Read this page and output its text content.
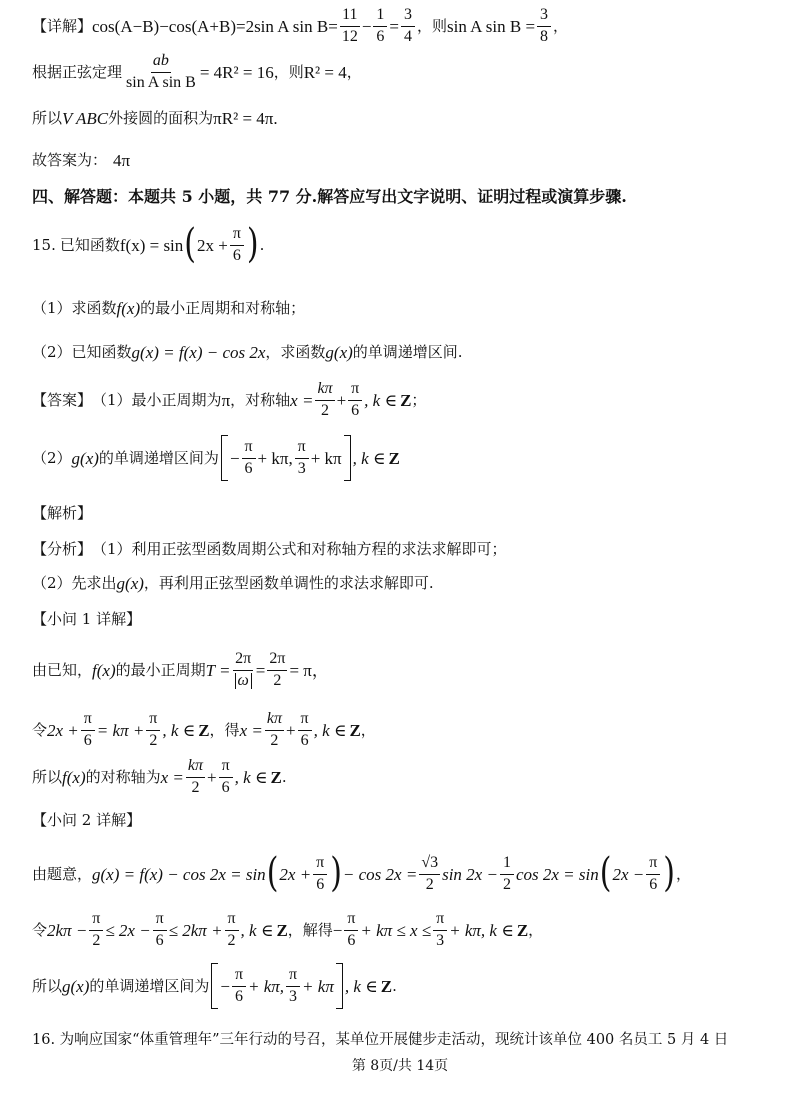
【详解】 cos(A−B)−cos(A+B)=2sin A $\sin B= \frac{11}{12} - \frac{1}{6} = \frac{3}{4}$ ，则 sin A $\sin B = \frac{3}{8}$ ，
根据正弦定理 $\frac{ab}{\text{sin A sin B}} = 4R^2 = 16$ ，则 R² = 4 ，
所以 V ABC 外接圆的面积为 πR² = 4π.
故答案为： 4π
四、解答题：本题共 5 小题，共 77 分.解答应写出文字说明、证明过程或演算步骤.
15. 已知函数 f(x) = sin ( $2x + \frac{\pi}{6}$ ) .
（1）求函数 f(x) 的最小正周期和对称轴；
（2）已知函数 g(x) = f(x) − cos 2x ，求函数 g(x) 的单调递增区间.
【答案】 （1）最小正周期为 π ，对称轴 $x = \frac{k\pi}{2} + \frac{\pi}{6}$ , k ∈ Z ；
（2） g(x) 的单调递增区间为 − $\frac{\pi}{6} + k\pi$, $\frac{\pi}{3} + k\pi$ , k ∈ Z
【解析】
【分析】 （1）利用正弦型函数周期公式和对称轴方程的求法求解即可；
（2）先求出 g(x) ，再利用正弦型函数单调性的求法求解即可.
【小问 1 详解】
由已知， f(x) 的最小正周期 $T = \frac{2\pi}{\omega} = \frac{2\pi}{2} = \pi$，
令 $2x + \frac{\pi}{6} = k\pi + \frac{\pi}{2}$ , k ∈ Z ，得 $x = \frac{k\pi}{2} + \frac{\pi}{6}$ , k ∈ Z ，
所以 f(x) 的对称轴为 $x = \frac{k\pi}{2} + \frac{\pi}{6}$ , k ∈ Z .
【小问 2 详解】
由题意， g(x) = f(x) − cos 2x = sin ( $2x + \frac{\pi}{6}$ ) − $\cos 2x = \frac{√3}{2}$ $\sin 2x - \frac{1}{2}$ cos 2x = sin ( $2x - \frac{\pi}{6}$ ) ，
令 $2k\pi - \frac{\pi}{2} \le 2x - \frac{\pi}{6} \le 2k\pi + \frac{\pi}{2}$ , k ∈ Z ，解得 − $\frac{\pi}{6} + k\pi \le x \le \frac{\pi}{3} + k\pi$, k ∈ Z ，
所以 g(x) 的单调递增区间为 − $\frac{\pi}{6} + k\pi$, $\frac{\pi}{3} + k\pi$ , k ∈ Z .
16. 为响应国家“体重管理年”三年行动的号召，某单位开展健步走活动，现统计该单位 400 名员工 5 月 4 日
第 8页/共 14页
